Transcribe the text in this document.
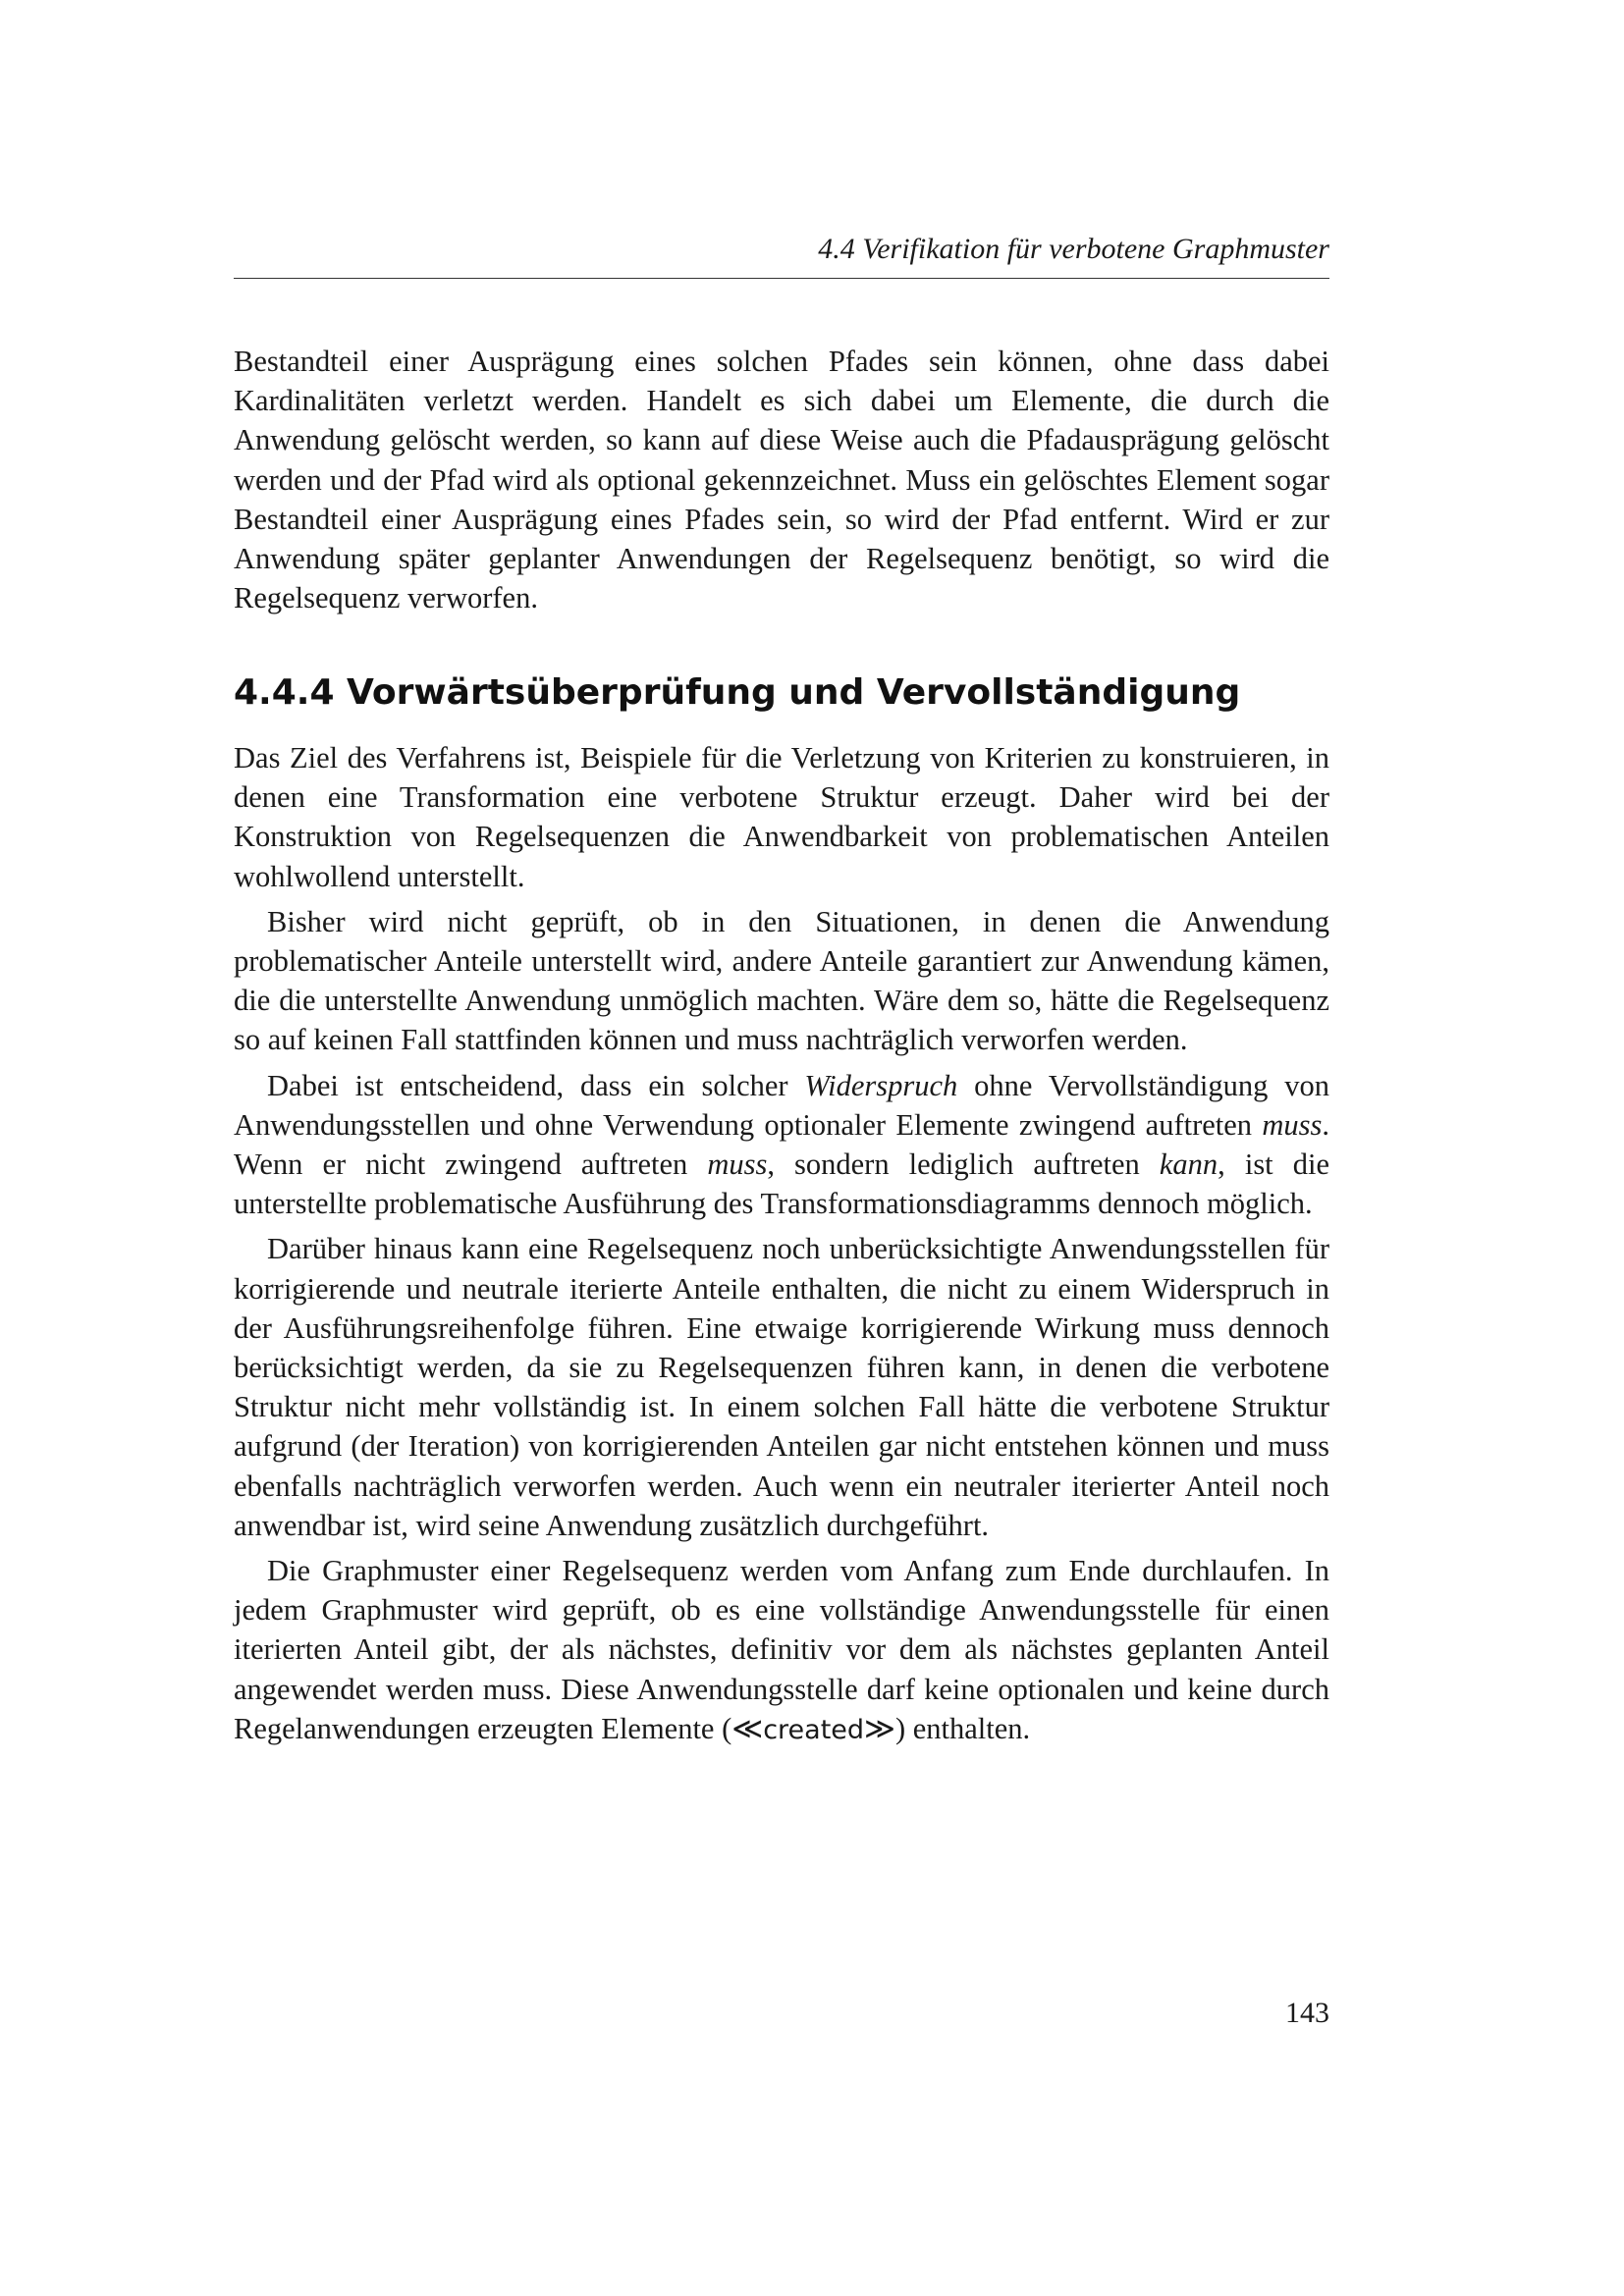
4.4 Verifikation für verbotene Graphmuster

Bestandteil einer Ausprägung eines solchen Pfades sein können, ohne dass dabei Kardinalitäten verletzt werden. Handelt es sich dabei um Elemente, die durch die Anwendung gelöscht werden, so kann auf diese Weise auch die Pfadausprägung gelöscht werden und der Pfad wird als optional gekennzeichnet. Muss ein gelöschtes Element sogar Bestandteil einer Ausprägung eines Pfades sein, so wird der Pfad entfernt. Wird er zur Anwendung später geplanter Anwendungen der Regelsequenz benötigt, so wird die Regelsequenz verworfen.

4.4.4 Vorwärtsüberprüfung und Vervollständigung

Das Ziel des Verfahrens ist, Beispiele für die Verletzung von Kriterien zu konstruieren, in denen eine Transformation eine verbotene Struktur erzeugt. Daher wird bei der Konstruktion von Regelsequenzen die Anwendbarkeit von problematischen Anteilen wohlwollend unterstellt.

Bisher wird nicht geprüft, ob in den Situationen, in denen die Anwendung problematischer Anteile unterstellt wird, andere Anteile garantiert zur Anwendung kämen, die die unterstellte Anwendung unmöglich machten. Wäre dem so, hätte die Regelsequenz so auf keinen Fall stattfinden können und muss nachträglich verworfen werden.

Dabei ist entscheidend, dass ein solcher Widerspruch ohne Vervollständigung von Anwendungsstellen und ohne Verwendung optionaler Elemente zwingend auftreten muss. Wenn er nicht zwingend auftreten muss, sondern lediglich auftreten kann, ist die unterstellte problematische Ausführung des Transformationsdiagramms dennoch möglich.

Darüber hinaus kann eine Regelsequenz noch unberücksichtigte Anwendungsstellen für korrigierende und neutrale iterierte Anteile enthalten, die nicht zu einem Widerspruch in der Ausführungsreihenfolge führen. Eine etwaige korrigierende Wirkung muss dennoch berücksichtigt werden, da sie zu Regelsequenzen führen kann, in denen die verbotene Struktur nicht mehr vollständig ist. In einem solchen Fall hätte die verbotene Struktur aufgrund (der Iteration) von korrigierenden Anteilen gar nicht entstehen können und muss ebenfalls nachträglich verworfen werden. Auch wenn ein neutraler iterierter Anteil noch anwendbar ist, wird seine Anwendung zusätzlich durchgeführt.

Die Graphmuster einer Regelsequenz werden vom Anfang zum Ende durchlaufen. In jedem Graphmuster wird geprüft, ob es eine vollständige Anwendungsstelle für einen iterierten Anteil gibt, der als nächstes, definitiv vor dem als nächstes geplanten Anteil angewendet werden muss. Diese Anwendungsstelle darf keine optionalen und keine durch Regelanwendungen erzeugten Elemente (≪created≫) enthalten.

143
